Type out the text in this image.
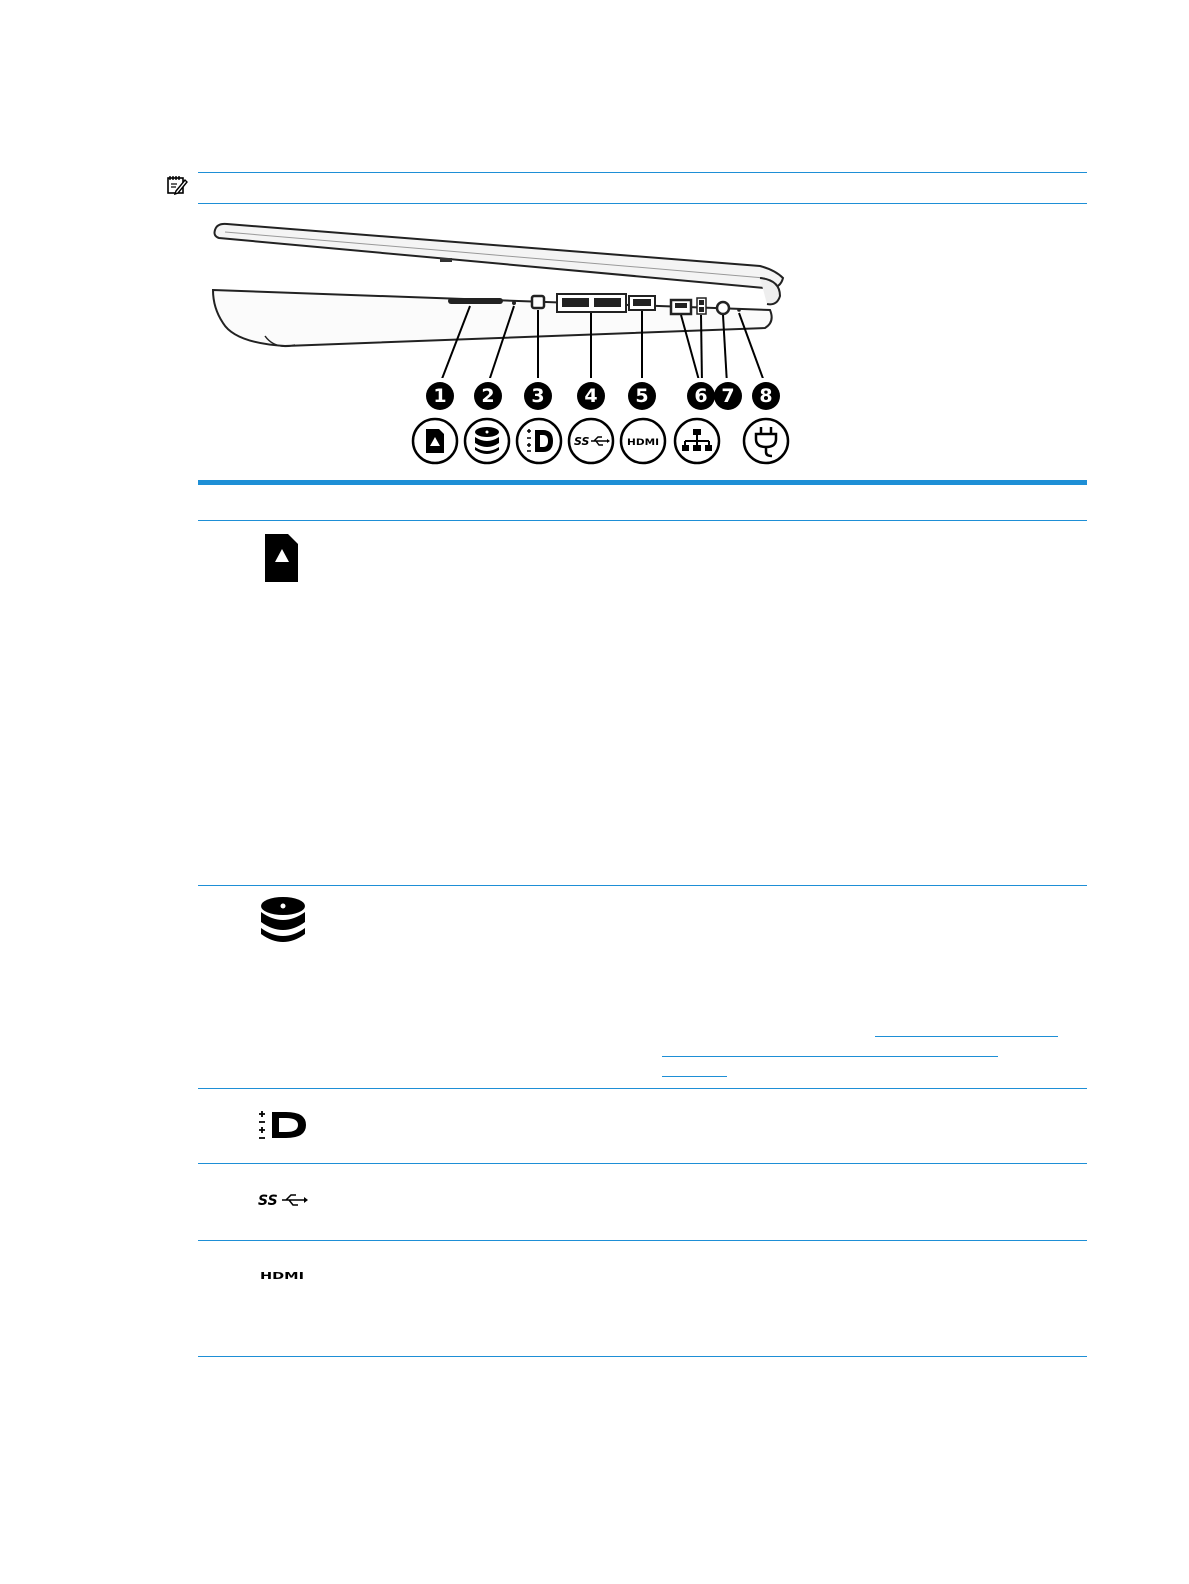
1	2	3	4	5	6 7	8
SS	HDMI
SS
HDMI
